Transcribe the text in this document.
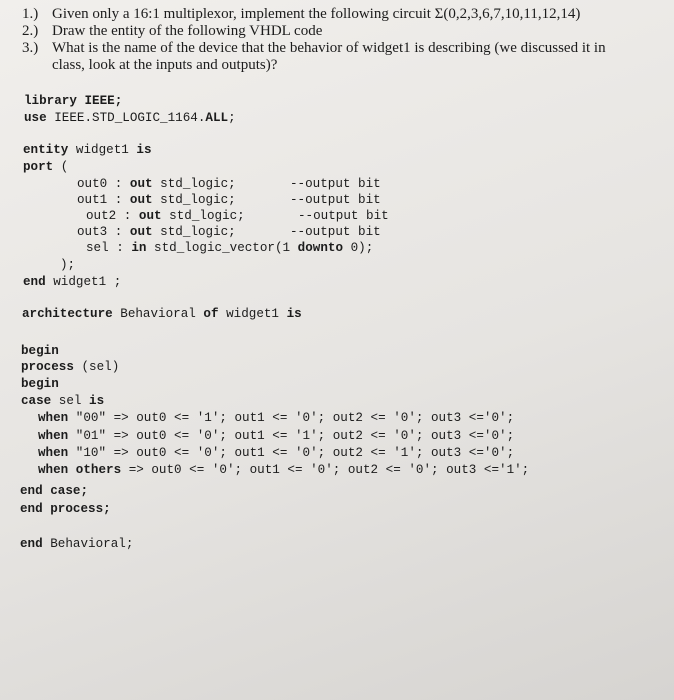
1.) Given only a 16:1 multiplexor, implement the following circuit Σ(0,2,3,6,7,10,11,12,14)
2.) Draw the entity of the following VHDL code
3.) What is the name of the device that the behavior of widget1 is describing (we discussed it in
class, look at the inputs and outputs)?
library IEEE;
use IEEE.STD_LOGIC_1164.ALL;
entity widget1 is
port (
out0 : out std_logic;	--output bit
out1 : out std_logic;	--output bit
out2 : out std_logic;	--output bit
out3 : out std_logic;	--output bit
sel : in std_logic_vector(1 downto 0);
);
end widget1 ;
architecture Behavioral of widget1 is
begin
process (sel)
begin
case sel is
when "00" => out0 <= '1'; out1 <= '0'; out2 <= '0'; out3 <='0';
when "01" => out0 <= '0'; out1 <= '1'; out2 <= '0'; out3 <='0';
when "10" => out0 <= '0'; out1 <= '0'; out2 <= '1'; out3 <='0';
when others => out0 <= '0'; out1 <= '0'; out2 <= '0'; out3 <='1';
end case;
end process;
end Behavioral;
